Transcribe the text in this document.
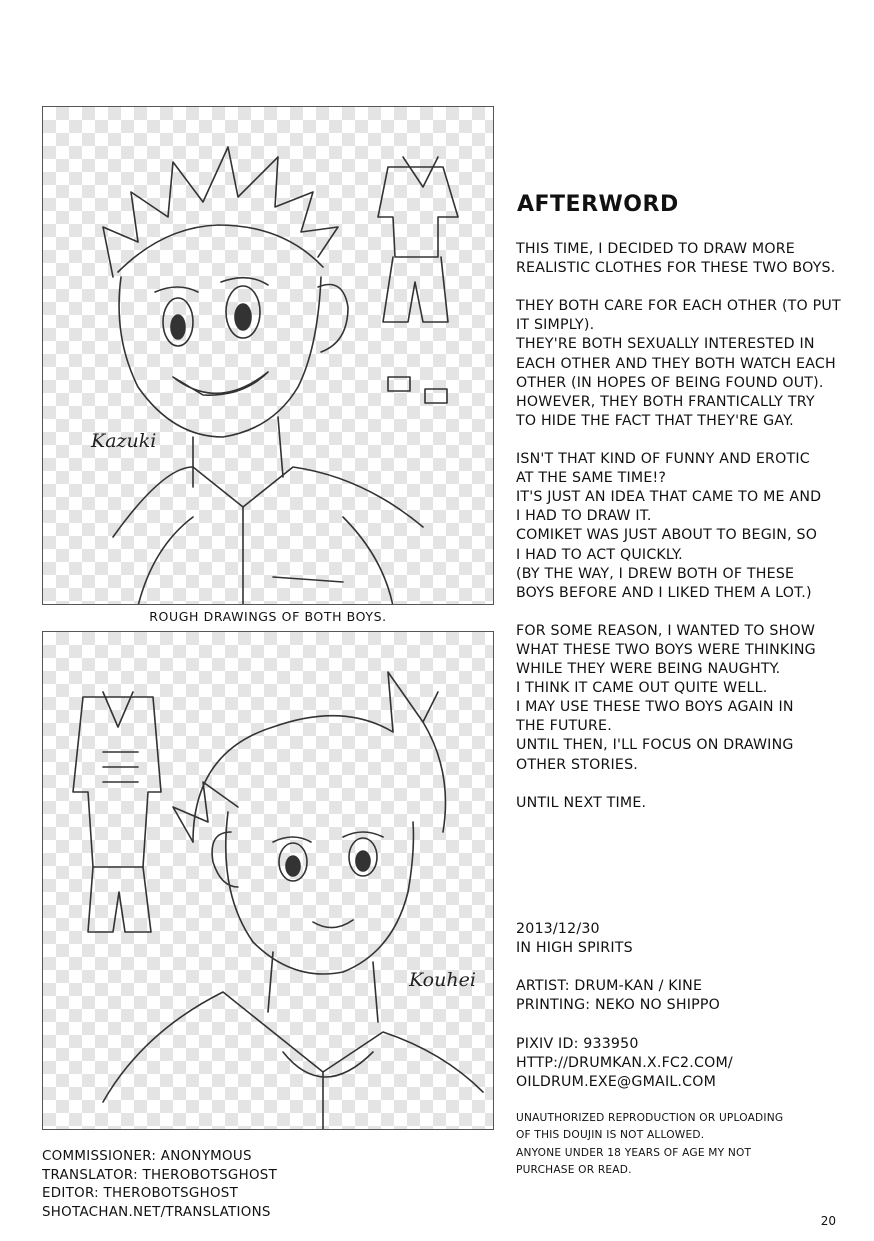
Kazuki
ROUGH DRAWINGS OF BOTH BOYS.
Kouhei
AFTERWORD

THIS TIME, I DECIDED TO DRAW MORE
REALISTIC CLOTHES FOR THESE TWO BOYS.

THEY BOTH CARE FOR EACH OTHER (TO PUT
IT SIMPLY).
THEY'RE BOTH SEXUALLY INTERESTED IN
EACH OTHER AND THEY BOTH WATCH EACH
OTHER (IN HOPES OF BEING FOUND OUT).
HOWEVER, THEY BOTH FRANTICALLY TRY
TO HIDE THE FACT THAT THEY'RE GAY.

ISN'T THAT KIND OF FUNNY AND EROTIC
AT THE SAME TIME!?
IT'S JUST AN IDEA THAT CAME TO ME AND
I HAD TO DRAW IT.
COMIKET WAS JUST ABOUT TO BEGIN, SO
I HAD TO ACT QUICKLY.
(BY THE WAY, I DREW BOTH OF THESE
BOYS BEFORE AND I LIKED THEM A LOT.)

FOR SOME REASON, I WANTED TO SHOW
WHAT THESE TWO BOYS WERE THINKING
WHILE THEY WERE BEING NAUGHTY.
I THINK IT CAME OUT QUITE WELL.
I MAY USE THESE TWO BOYS AGAIN IN
THE FUTURE.
UNTIL THEN, I'LL FOCUS ON DRAWING
OTHER STORIES.

UNTIL NEXT TIME.

2013/12/30
IN HIGH SPIRITS

ARTIST: DRUM-KAN / KINE
PRINTING: NEKO NO SHIPPO

PIXIV ID: 933950
HTTP://DRUMKAN.X.FC2.COM/
OILDRUM.EXE@GMAIL.COM

UNAUTHORIZED REPRODUCTION OR UPLOADING
OF THIS DOUJIN IS NOT ALLOWED.
ANYONE UNDER 18 YEARS OF AGE MY NOT
PURCHASE OR READ.
COMMISSIONER: ANONYMOUS
TRANSLATOR: THEROBOTSGHOST
EDITOR: THEROBOTSGHOST
SHOTACHAN.NET/TRANSLATIONS
20
